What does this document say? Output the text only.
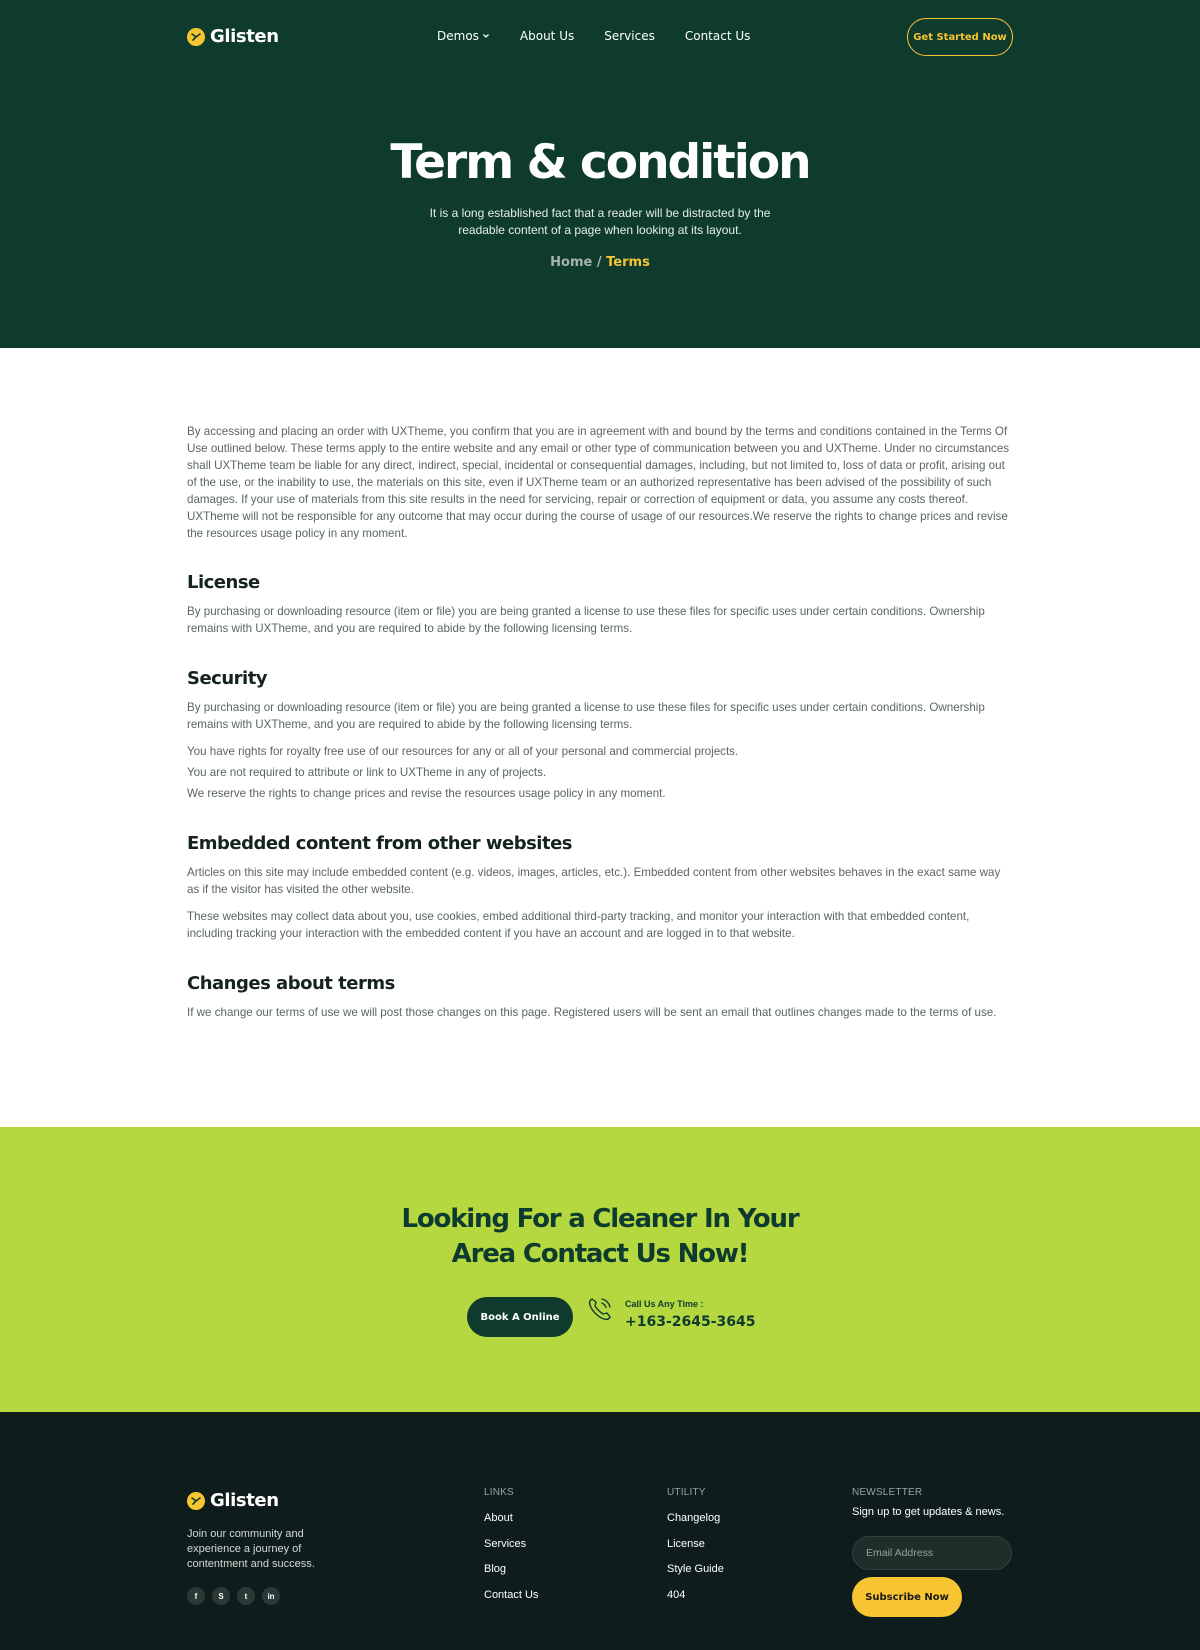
Glisten	Demos	About Us	Services	Contact Us	Get Started Now
Term & condition

It is a long established fact that a reader will be distracted by the readable content of a page when looking at its layout.

Home / Terms

By accessing and placing an order with UXTheme, you confirm that you are in agreement with and bound by the terms and conditions contained in the Terms Of Use outlined below. These terms apply to the entire website and any email or other type of communication between you and UXTheme. Under no circumstances shall UXTheme team be liable for any direct, indirect, special, incidental or consequential damages, including, but not limited to, loss of data or profit, arising out of the use, or the inability to use, the materials on this site, even if UXTheme team or an authorized representative has been advised of the possibility of such damages. If your use of materials from this site results in the need for servicing, repair or correction of equipment or data, you assume any costs thereof. UXTheme will not be responsible for any outcome that may occur during the course of usage of our resources.We reserve the rights to change prices and revise the resources usage policy in any moment.

License

By purchasing or downloading resource (item or file) you are being granted a license to use these files for specific uses under certain conditions. Ownership remains with UXTheme, and you are required to abide by the following licensing terms.

Security

By purchasing or downloading resource (item or file) you are being granted a license to use these files for specific uses under certain conditions. Ownership remains with UXTheme, and you are required to abide by the following licensing terms.

You have rights for royalty free use of our resources for any or all of your personal and commercial projects.

You are not required to attribute or link to UXTheme in any of projects.

We reserve the rights to change prices and revise the resources usage policy in any moment.

Embedded content from other websites

Articles on this site may include embedded content (e.g. videos, images, articles, etc.). Embedded content from other websites behaves in the exact same way as if the visitor has visited the other website.

These websites may collect data about you, use cookies, embed additional third-party tracking, and monitor your interaction with that embedded content, including tracking your interaction with the embedded content if you have an account and are logged in to that website.

Changes about terms

If we change our terms of use we will post those changes on this page. Registered users will be sent an email that outlines changes made to the terms of use.

Looking For a Cleaner In Your
Area Contact Us Now!
Book A Online
Call Us Any Time :
+163-2645-3645
Glisten

Join our community and experience a journey of contentment and success.

f	S	t	in
LINKS
About
Services
Blog
Contact Us
UTILITY
Changelog
License
Style Guide
404
NEWSLETTER
Sign up to get updates & news.
Email Address
Subscribe Now
